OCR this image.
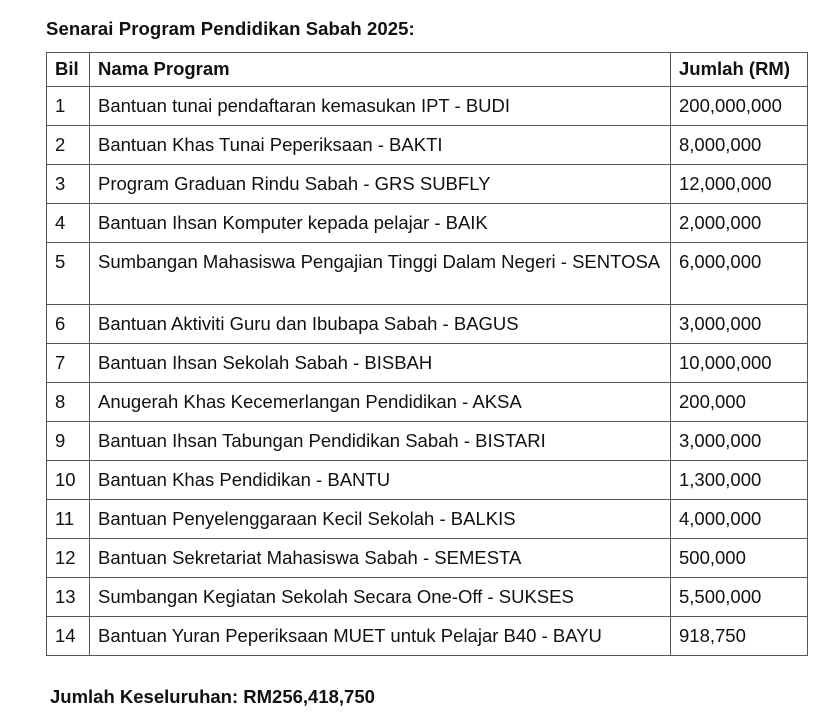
Senarai Program Pendidikan Sabah 2025:
Bil	Nama Program	Jumlah (RM)
1	Bantuan tunai pendaftaran kemasukan IPT - BUDI	200,000,000
2	Bantuan Khas Tunai Peperiksaan - BAKTI	8,000,000
3	Program Graduan Rindu Sabah - GRS SUBFLY	12,000,000
4	Bantuan Ihsan Komputer kepada pelajar - BAIK	2,000,000
5	Sumbangan Mahasiswa Pengajian Tinggi Dalam Negeri - SENTOSA	6,000,000
6	Bantuan Aktiviti Guru dan Ibubapa Sabah - BAGUS	3,000,000
7	Bantuan Ihsan Sekolah Sabah - BISBAH	10,000,000
8	Anugerah Khas Kecemerlangan Pendidikan - AKSA	200,000
9	Bantuan Ihsan Tabungan Pendidikan Sabah - BISTARI	3,000,000
10	Bantuan Khas Pendidikan - BANTU	1,300,000
11	Bantuan Penyelenggaraan Kecil Sekolah - BALKIS	4,000,000
12	Bantuan Sekretariat Mahasiswa Sabah - SEMESTA	500,000
13	Sumbangan Kegiatan Sekolah Secara One-Off - SUKSES	5,500,000
14	Bantuan Yuran Peperiksaan MUET untuk Pelajar B40 - BAYU	918,750
Jumlah Keseluruhan: RM256,418,750
